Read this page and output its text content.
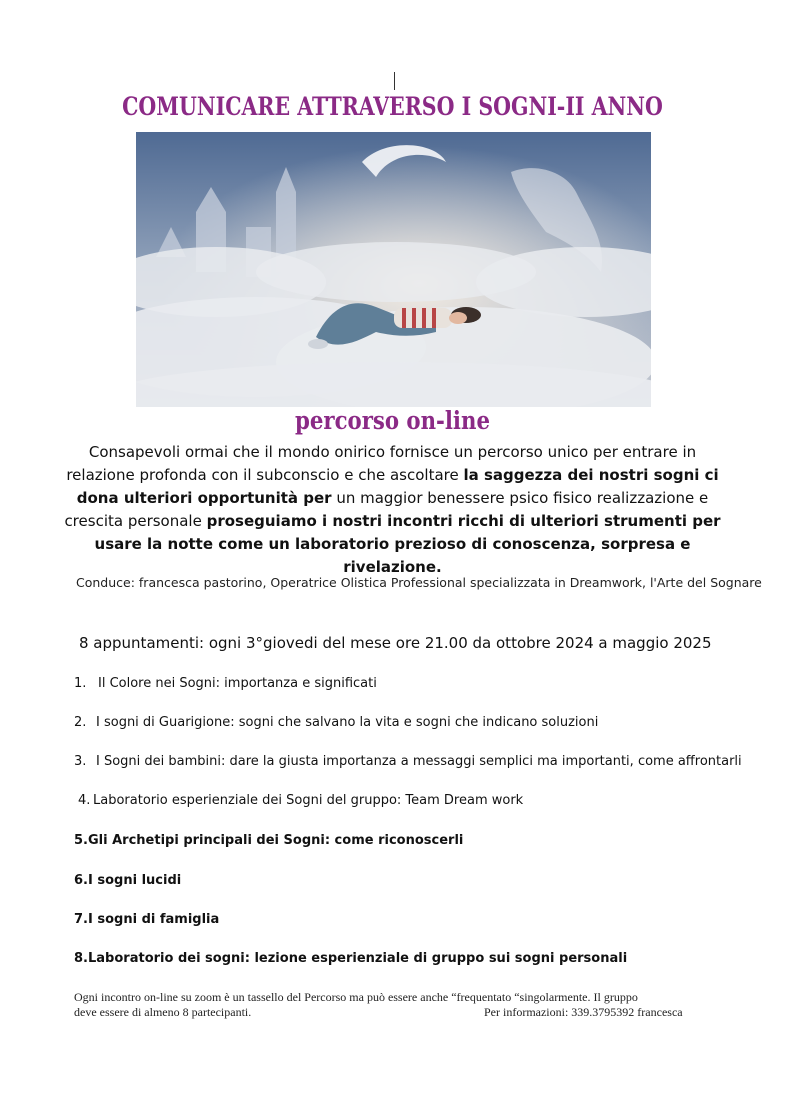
COMUNICARE ATTRAVERSO I SOGNI-II ANNO
percorso on-line
Consapevoli ormai che il mondo onirico fornisce un percorso unico per entrare in relazione profonda con il subconscio e che ascoltare la saggezza dei nostri sogni ci dona ulteriori opportunità per un maggior benessere psico fisico realizzazione e crescita personale proseguiamo i nostri incontri ricchi di ulteriori strumenti per usare la notte come un laboratorio prezioso di conoscenza, sorpresa e rivelazione.
Conduce: francesca pastorino, Operatrice Olistica Professional specializzata in Dreamwork, l'Arte del Sognare
8 appuntamenti: ogni 3°giovedi del mese ore 21.00 da ottobre 2024 a maggio 2025
1. Il Colore nei Sogni: importanza e significati
2. I sogni di Guarigione: sogni che salvano la vita e sogni che indicano soluzioni
3. I Sogni dei bambini: dare la giusta importanza a messaggi semplici ma importanti, come affrontarli
4. Laboratorio esperienziale dei Sogni del gruppo: Team Dream work
5.Gli Archetipi principali dei Sogni: come riconoscerli
6.I sogni lucidi
7.I sogni di famiglia
8.Laboratorio dei sogni: lezione esperienziale di gruppo sui sogni personali
Ogni incontro on-line su zoom è un tassello del Percorso ma può essere anche “frequentato “singolarmente. Il gruppo
deve essere di almeno 8 partecipanti.	Per informazioni: 339.3795392 francesca
